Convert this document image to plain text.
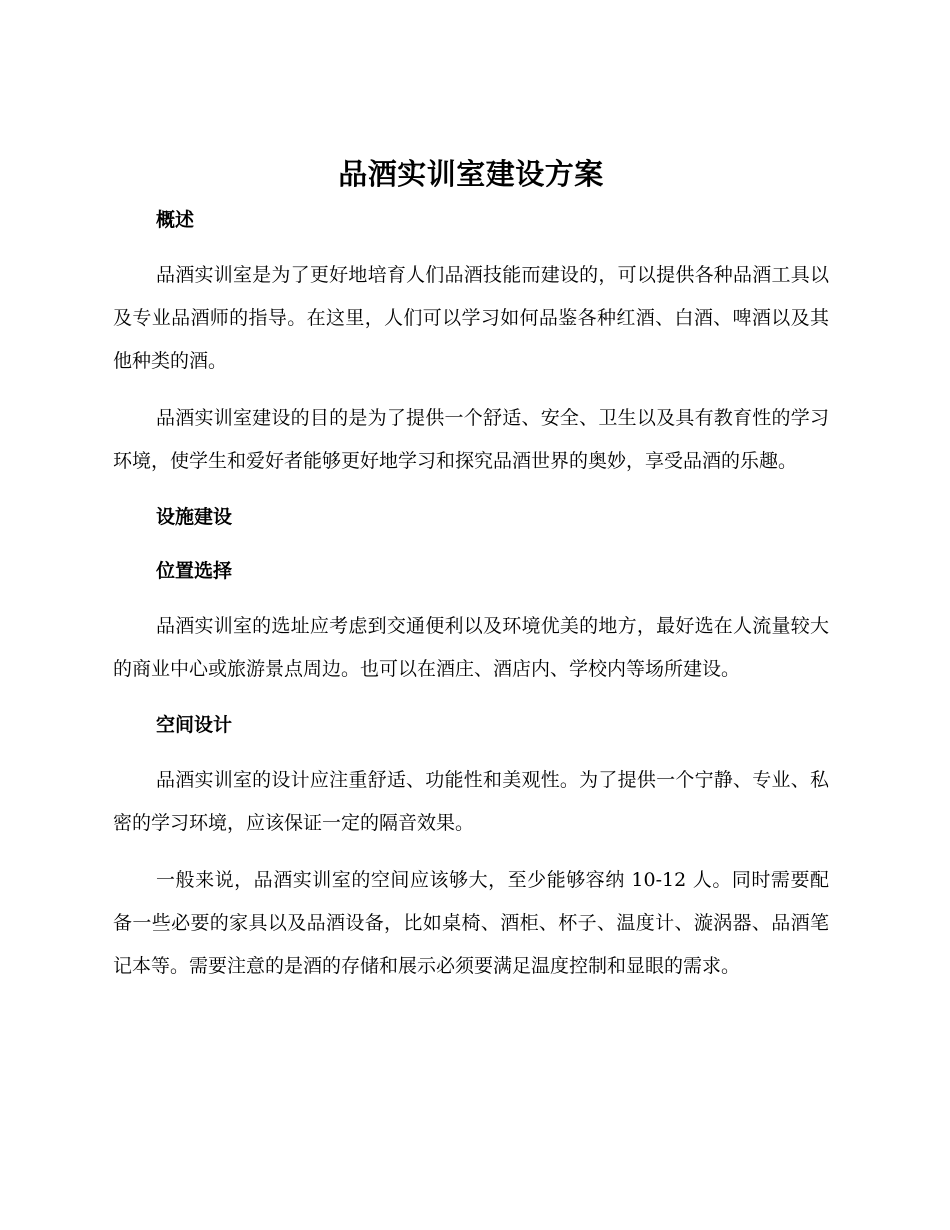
品酒实训室建设方案
概述

品酒实训室是为了更好地培育人们品酒技能而建设的，可以提供各种品酒工具以及专业品酒师的指导。在这里，人们可以学习如何品鉴各种红酒、白酒、啤酒以及其他种类的酒。

品酒实训室建设的目的是为了提供一个舒适、安全、卫生以及具有教育性的学习环境，使学生和爱好者能够更好地学习和探究品酒世界的奥妙，享受品酒的乐趣。

设施建设
位置选择

品酒实训室的选址应考虑到交通便利以及环境优美的地方，最好选在人流量较大的商业中心或旅游景点周边。也可以在酒庄、酒店内、学校内等场所建设。

空间设计

品酒实训室的设计应注重舒适、功能性和美观性。为了提供一个宁静、专业、私密的学习环境，应该保证一定的隔音效果。

一般来说，品酒实训室的空间应该够大，至少能够容纳 10-12 人。同时需要配备一些必要的家具以及品酒设备，比如桌椅、酒柜、杯子、温度计、漩涡器、品酒笔记本等。需要注意的是酒的存储和展示必须要满足温度控制和显眼的需求。
